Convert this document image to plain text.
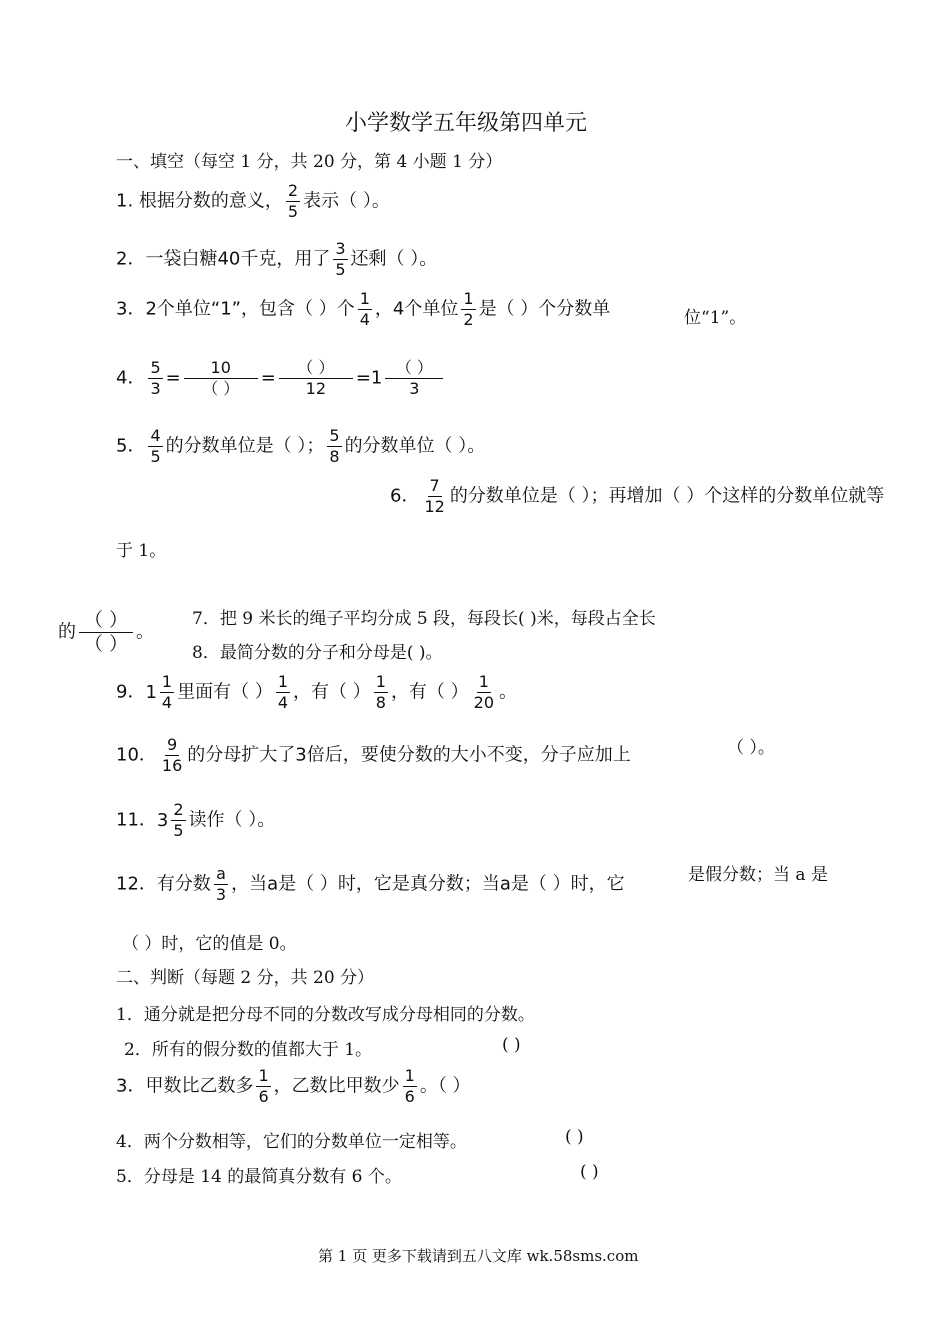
小学数学五年级第四单元
一、填空（每空 1 分，共 20 分，第 4 小题 1 分）
1. 根据分数的意义， $\frac{2}{5}$ 表示（ ）。
2．一袋白糖40千克，用了 $\frac{3}{5}$ 还剩（ ）。
3．2个单位“1”，包含（ ）个 $\frac{1}{4}$ ，4个单位 $\frac{1}{2}$ 是（ ）个分数单	位“1”。
4． $\frac{5}{3} = \frac{10}{( )} = \frac{( )}{12} =1 \frac{( )}{3}$
5． $\frac{4}{5}$ 的分数单位是（ ）； $\frac{5}{8}$ 的分数单位（ ）。
6． $\frac{7}{12}$ 的分数单位是（ ）；再增加（ ）个这样的分数单位就等
于 1。
7．把 9 米长的绳子平均分成 5 段，每段长( )米，每段占全长
的 $\frac{( )}{( )}$ 。
8．最简分数的分子和分母是( )。
9． $1 \frac{1}{4}$ 里面有（ ） $\frac{1}{4}$ ，有（ ） $\frac{1}{8}$ ，有（ ） $\frac{1}{20}$ 。
10． $\frac{9}{16}$ 的分母扩大了3倍后，要使分数的大小不变，分子应加上	（ ）。
11． $3 \frac{2}{5}$ 读作（ ）。
12．有分数 $\frac{a}{3}$ ，当a是（ ）时，它是真分数；当a是（ ）时，它	是假分数；当 a 是
（ ）时，它的值是 0。
二、判断（每题 2 分，共 20 分）
1．通分就是把分母不同的分数改写成分母相同的分数。
2．所有的假分数的值都大于 1。	( )
3．甲数比乙数多 $\frac{1}{6}$ ，乙数比甲数少 $\frac{1}{6}$ 。（ ）
4．两个分数相等，它们的分数单位一定相等。	( )
5．分母是 14 的最简真分数有 6 个。	( )
第 1 页 更多下载请到五八文库 wk.58sms.com
